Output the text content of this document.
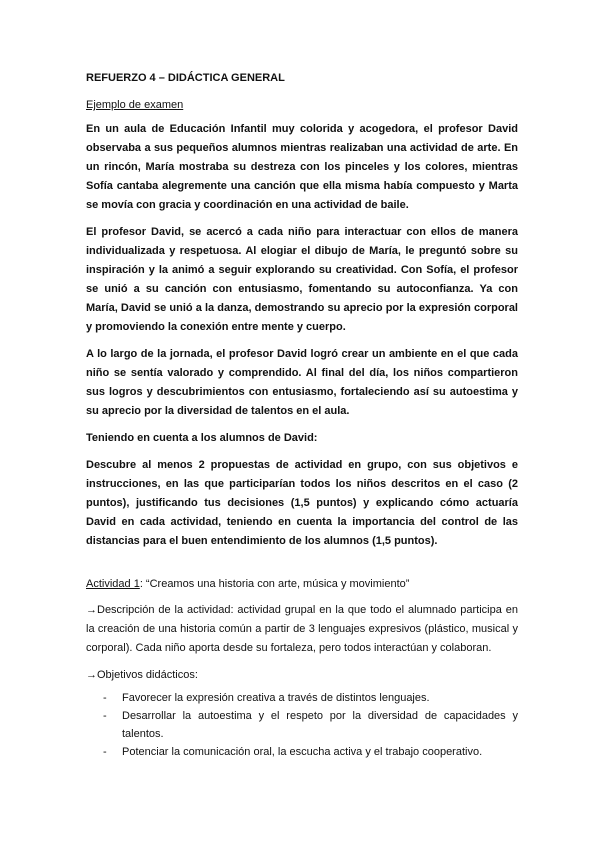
REFUERZO 4 – DIDÁCTICA GENERAL
Ejemplo de examen

En un aula de Educación Infantil muy colorida y acogedora, el profesor David observaba a sus pequeños alumnos mientras realizaban una actividad de arte. En un rincón, María mostraba su destreza con los pinceles y los colores, mientras Sofía cantaba alegremente una canción que ella misma había compuesto y Marta se movía con gracia y coordinación en una actividad de baile.

El profesor David, se acercó a cada niño para interactuar con ellos de manera individualizada y respetuosa. Al elogiar el dibujo de María, le preguntó sobre su inspiración y la animó a seguir explorando su creatividad. Con Sofía, el profesor se unió a su canción con entusiasmo, fomentando su autoconfianza. Ya con María, David se unió a la danza, demostrando su aprecio por la expresión corporal y promoviendo la conexión entre mente y cuerpo.

A lo largo de la jornada, el profesor David logró crear un ambiente en el que cada niño se sentía valorado y comprendido. Al final del día, los niños compartieron sus logros y descubrimientos con entusiasmo, fortaleciendo así su autoestima y su aprecio por la diversidad de talentos en el aula.

Teniendo en cuenta a los alumnos de David:

Descubre al menos 2 propuestas de actividad en grupo, con sus objetivos e instrucciones, en las que participarían todos los niños descritos en el caso (2 puntos), justificando tus decisiones (1,5 puntos) y explicando cómo actuaría David en cada actividad, teniendo en cuenta la importancia del control de las distancias para el buen entendimiento de los alumnos (1,5 puntos).

Actividad 1: “Creamos una historia con arte, música y movimiento”

→Descripción de la actividad: actividad grupal en la que todo el alumnado participa en la creación de una historia común a partir de 3 lenguajes expresivos (plástico, musical y corporal). Cada niño aporta desde su fortaleza, pero todos interactúan y colaboran.

→Objetivos didácticos:

- Favorecer la expresión creativa a través de distintos lenguajes.
- Desarrollar la autoestima y el respeto por la diversidad de capacidades y talentos.
- Potenciar la comunicación oral, la escucha activa y el trabajo cooperativo.
